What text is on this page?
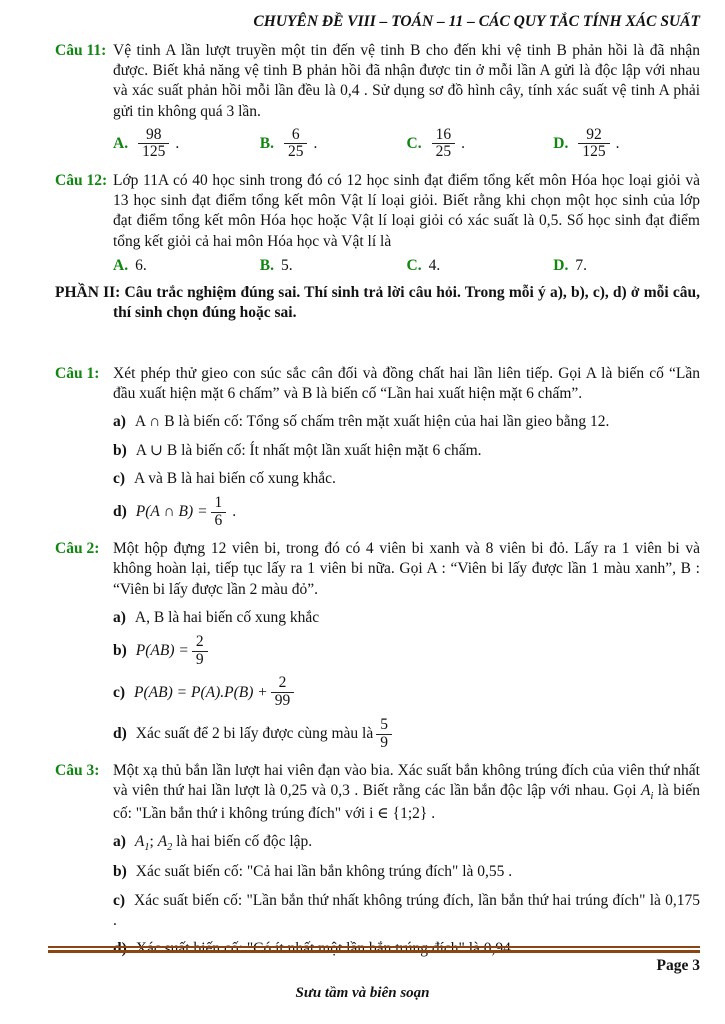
CHUYÊN ĐỀ VIII – TOÁN – 11 – CÁC QUY TẮC TÍNH XÁC SUẤT
Câu 11: Vệ tinh A lần lượt truyền một tin đến vệ tinh B cho đến khi vệ tinh B phản hồi là đã nhận được. Biết khả năng vệ tinh B phản hồi đã nhận được tin ở mỗi lần A gửi là độc lập với nhau và xác suất phản hồi mỗi lần đều là 0,4 . Sử dụng sơ đồ hình cây, tính xác suất vệ tinh A phải gửi tin không quá 3 lần.
A. $\frac{98}{125}$ .	B. $\frac{6}{25}$ .	C. $\frac{16}{25}$ .	D. $\frac{92}{125}$ .
Câu 12: Lớp 11A có 40 học sinh trong đó có 12 học sinh đạt điểm tổng kết môn Hóa học loại giỏi và 13 học sinh đạt điểm tổng kết môn Vật lí loại giỏi. Biết rằng khi chọn một học sinh của lớp đạt điểm tổng kết môn Hóa học hoặc Vật lí loại giỏi có xác suất là 0,5. Số học sinh đạt điểm tổng kết giỏi cả hai môn Hóa học và Vật lí là
A. 6.	B. 5.	C. 4.	D. 7.
PHẦN II: Câu trắc nghiệm đúng sai. Thí sinh trả lời câu hỏi. Trong mỗi ý a), b), c), d) ở mỗi câu, thí sinh chọn đúng hoặc sai.
Câu 1: Xét phép thử gieo con súc sắc cân đối và đồng chất hai lần liên tiếp. Gọi A là biến cố “Lần đầu xuất hiện mặt 6 chấm” và B là biến cố “Lần hai xuất hiện mặt 6 chấm”.
a) A ∩ B là biến cố: Tổng số chấm trên mặt xuất hiện của hai lần gieo bằng 12.
b) A ∪ B là biến cố: Ít nhất một lần xuất hiện mặt 6 chấm.
c) A và B là hai biến cố xung khắc.
d) P(A ∩ $B) = \frac{1}{6}$ .
Câu 2: Một hộp đựng 12 viên bi, trong đó có 4 viên bi xanh và 8 viên bi đỏ. Lấy ra 1 viên bi và không hoàn lại, tiếp tục lấy ra 1 viên bi nữa. Gọi A : “Viên bi lấy được lần 1 màu xanh”, B : “Viên bi lấy được lần 2 màu đỏ”.
a) A, B là hai biến cố xung khắc
b) $P(AB) = \frac{2}{9}$
c) $P(AB) = P(A).P(B) + \frac{2}{99}$
d) Xác suất để 2 bi lấy được cùng màu là $\frac{5}{9}$
Câu 3: Một xạ thủ bắn lần lượt hai viên đạn vào bia. Xác suất bắn không trúng đích của viên thứ nhất và viên thứ hai lần lượt là 0,25 và 0,3 . Biết rằng các lần bắn độc lập với nhau. Gọi $A_i$ là biến cố: "Lần bắn thứ i không trúng đích" với i ∈ {1;2} .
a) $A_1$; $A_2$ là hai biến cố độc lập.
b) Xác suất biến cố: "Cả hai lần bắn không trúng đích" là 0,55 .
c) Xác suất biến cố: "Lần bắn thứ nhất không trúng đích, lần bắn thứ hai trúng đích" là 0,175 .
d) Xác suất biến cố: "Có ít nhất một lần bắn trúng đích" là 0,94 .
Page 3
Sưu tầm và biên soạn
